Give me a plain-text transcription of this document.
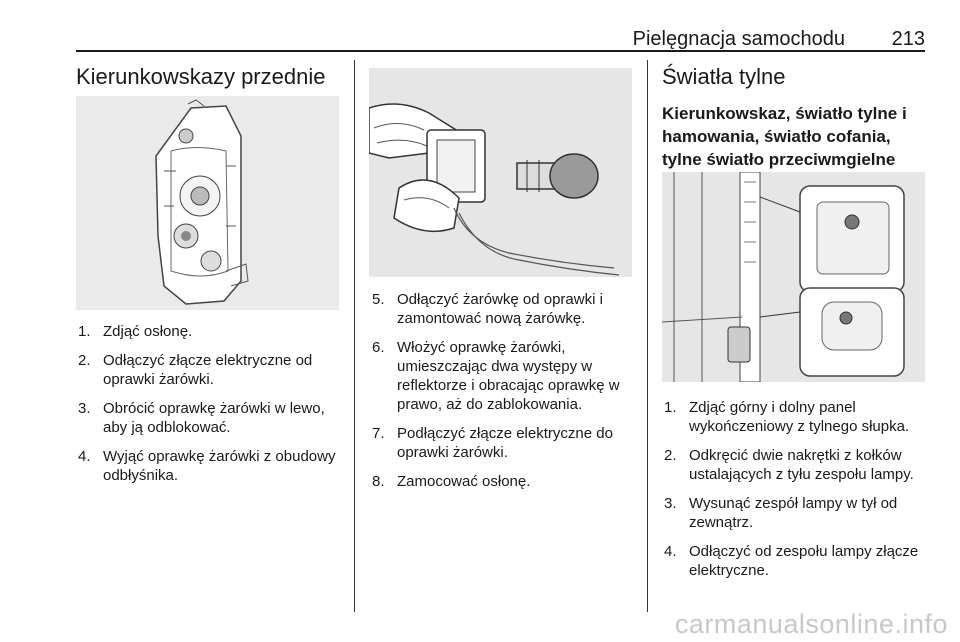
Pielęgnacja samochodu	213
Kierunkowskazy przednie
1. Zdjąć osłonę.
2. Odłączyć złącze elektryczne od oprawki żarówki.
3. Obrócić oprawkę żarówki w lewo, aby ją odblokować.
4. Wyjąć oprawkę żarówki z obudowy odbłyśnika.
5. Odłączyć żarówkę od oprawki i zamontować nową żarówkę.
6. Włożyć oprawkę żarówki, umieszczając dwa występy w reflektorze i obracając oprawkę w prawo, aż do zablokowania.
7. Podłączyć złącze elektryczne do oprawki żarówki.
8. Zamocować osłonę.
Światła tylne
Kierunkowskaz, światło tylne i hamowania, światło cofania, tylne światło przeciwmgielne
1. Zdjąć górny i dolny panel wykończeniowy z tylnego słupka.
2. Odkręcić dwie nakrętki z kołków ustalających z tyłu zespołu lampy.
3. Wysunąć zespół lampy w tył od zewnątrz.
4. Odłączyć od zespołu lampy złącze elektryczne.
carmanualsonline.info
